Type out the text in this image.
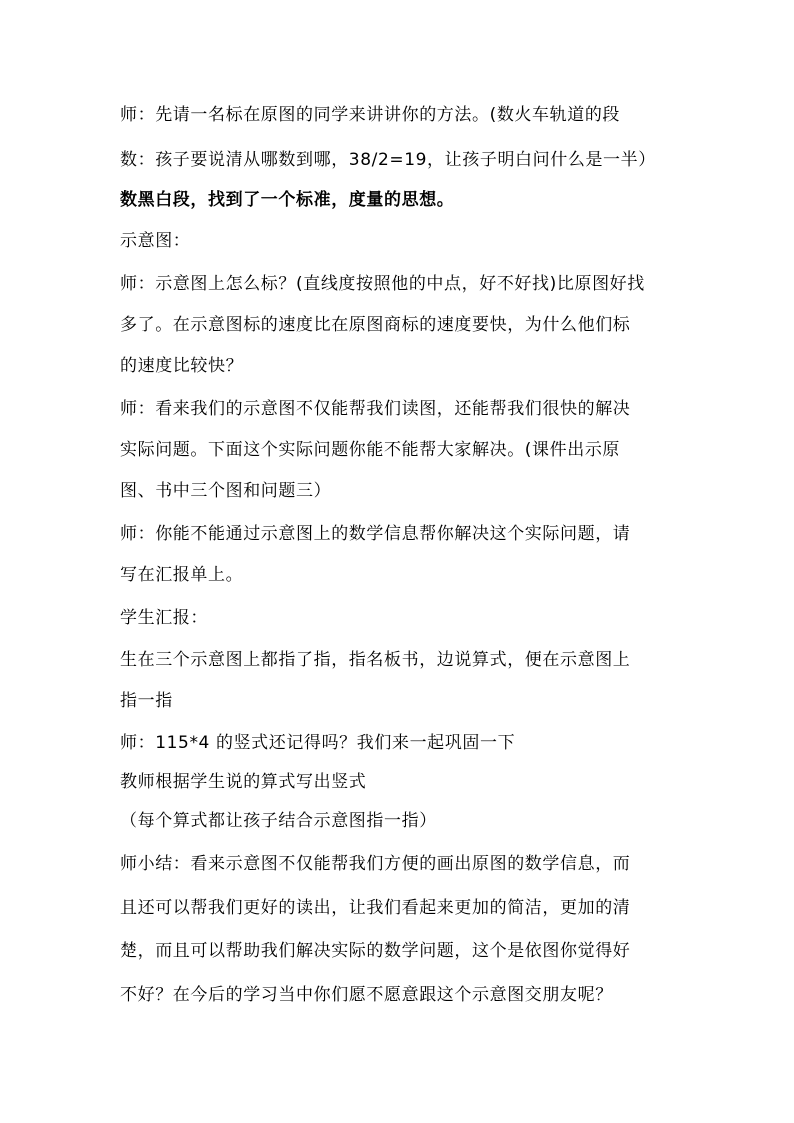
师：先请一名标在原图的同学来讲讲你的方法。(数火车轨道的段
数：孩子要说清从哪数到哪，38/2=19，让孩子明白问什么是一半）
数黑白段，找到了一个标准，度量的思想。
示意图：
师：示意图上怎么标？(直线度按照他的中点，好不好找)比原图好找
多了。在示意图标的速度比在原图商标的速度要快，为什么他们标
的速度比较快？
师：看来我们的示意图不仅能帮我们读图，还能帮我们很快的解决
实际问题。下面这个实际问题你能不能帮大家解决。(课件出示原
图、书中三个图和问题三）
师：你能不能通过示意图上的数学信息帮你解决这个实际问题，请
写在汇报单上。
学生汇报：
生在三个示意图上都指了指，指名板书，边说算式，便在示意图上
指一指
师：115*4 的竖式还记得吗？我们来一起巩固一下
教师根据学生说的算式写出竖式
（每个算式都让孩子结合示意图指一指）
师小结：看来示意图不仅能帮我们方便的画出原图的数学信息，而
且还可以帮我们更好的读出，让我们看起来更加的简洁，更加的清
楚，而且可以帮助我们解决实际的数学问题，这个是依图你觉得好
不好？在今后的学习当中你们愿不愿意跟这个示意图交朋友呢？
